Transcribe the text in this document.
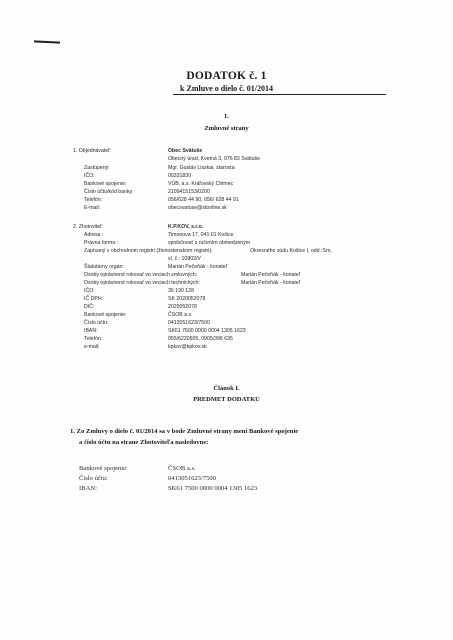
DODATOK č. 1
k Zmluve o dielo č. 01/2014
I.
Zmluvné strany
1. Objednávateľ:	Obec Svätuše
Obecný úrad, Kvetná 3, 076 83 Svätuše
Zastúpený:	Mgr. Gustáv Liszkai, starosta
IČO:	00331830
Bankové spojenie:	VÚB, a.s. Kráľovský Chlmec
Číslo účtu/kód banky:	2109415153/0200
Telefón:	056/628 44 90, 056/ 628 44 91
E-mail:	obecsvatuse@stonline.sk
2. Zhotoviteľ:	K.P.KOV, s.r.o.
Adresa :	Timonova 17, 041 01 Košice
Právna forma :	spoločnosť s ručením obmedzeným
Zapísaný v obchodnom registri (živnostenskom registri):	Okresného súdu Košice I, odd.:Sro,
vl. č.: 10802/V
Štatutárny orgán:	Marián Pečeňák - konateľ
Osoby oprávnené rokovať vo veciach zmluvných:	Marián Pečeňák - konateľ
Osoby oprávnené rokovať vo veciach technických:	Marián Pečeňák - konateľ
IČO:	36 190 128
IČ DPH:	SK 2020052078
DIČ:	2020052078
Bankové spojenie:	ČSOB a.s.
Číslo účtu:	0413051623/7500
IBAN:	SK61 7500 0000 0004 1305 1623
Telefón:	055/6220505, 0905/396 635
e-mail:	kpkov@kpkov.sk
Článok I.
PREDMET DODATKU
1. Zo Zmluvy o dielo č. 01/2014 sa v bode Zmluvné strany mení Bankové spojenie
a číslo účtu na strane Zhotoviteľa nasledovne:
Bankové spojenie:	ČSOB a.s.
Číslo účtu:	0413051623/7500
IBAN:	SK61 7500 0000 0004 1305 1623
